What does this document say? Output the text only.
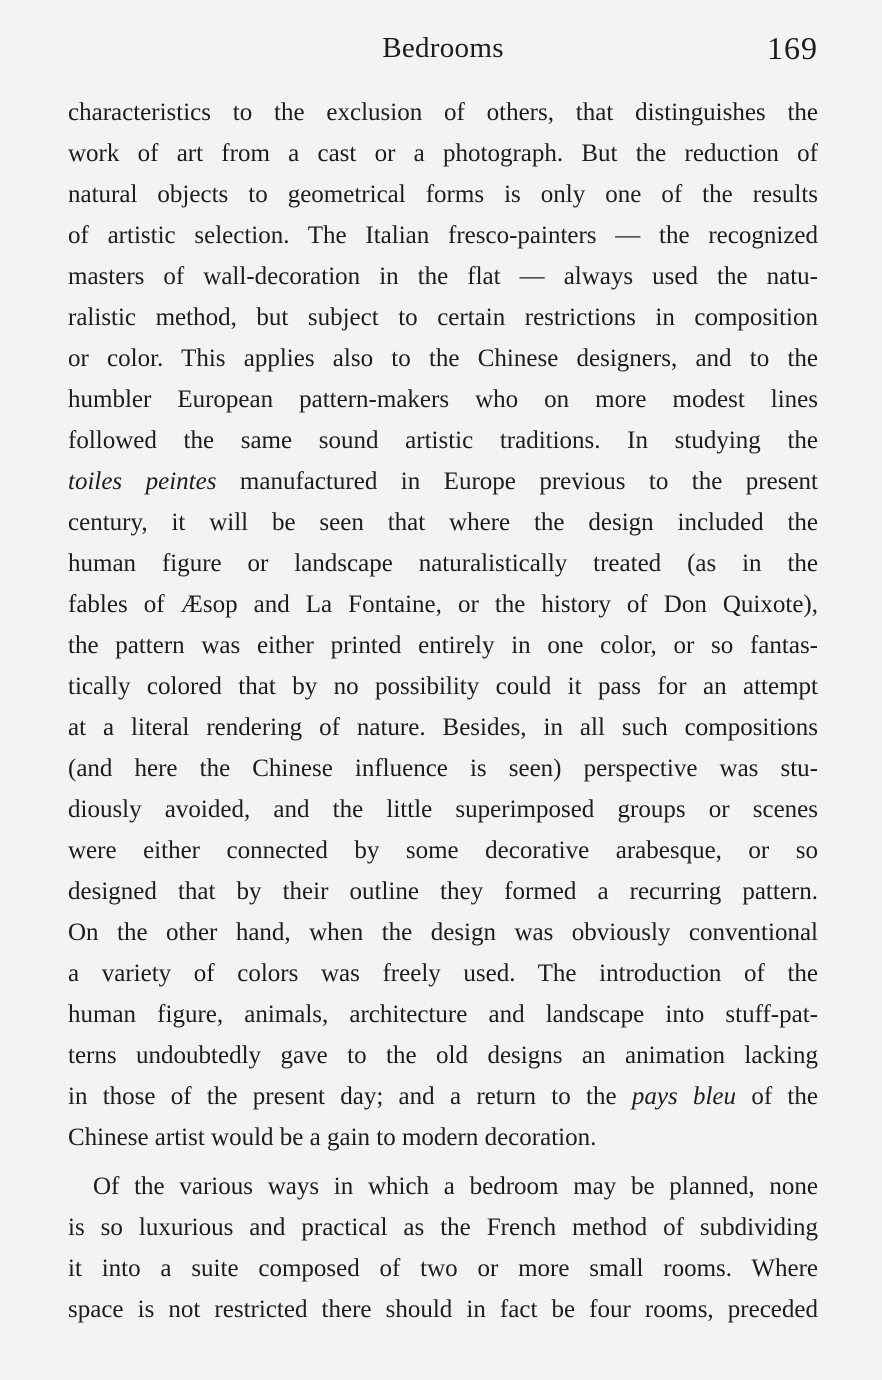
Bedrooms	169
characteristics to the exclusion of others, that distinguishes the
work of art from a cast or a photograph. But the reduction of
natural objects to geometrical forms is only one of the results
of artistic selection. The Italian fresco-painters — the recognized
masters of wall-decoration in the flat — always used the natu-
ralistic method, but subject to certain restrictions in composition
or color. This applies also to the Chinese designers, and to the
humbler European pattern-makers who on more modest lines
followed the same sound artistic traditions. In studying the
toiles peintes manufactured in Europe previous to the present
century, it will be seen that where the design included the
human figure or landscape naturalistically treated (as in the
fables of Æsop and La Fontaine, or the history of Don Quixote),
the pattern was either printed entirely in one color, or so fantas-
tically colored that by no possibility could it pass for an attempt
at a literal rendering of nature. Besides, in all such compositions
(and here the Chinese influence is seen) perspective was stu-
diously avoided, and the little superimposed groups or scenes
were either connected by some decorative arabesque, or so
designed that by their outline they formed a recurring pattern.
On the other hand, when the design was obviously conventional
a variety of colors was freely used. The introduction of the
human figure, animals, architecture and landscape into stuff-pat-
terns undoubtedly gave to the old designs an animation lacking
in those of the present day; and a return to the pays bleu of the
Chinese artist would be a gain to modern decoration.
Of the various ways in which a bedroom may be planned, none
is so luxurious and practical as the French method of subdividing
it into a suite composed of two or more small rooms. Where
space is not restricted there should in fact be four rooms, preceded
